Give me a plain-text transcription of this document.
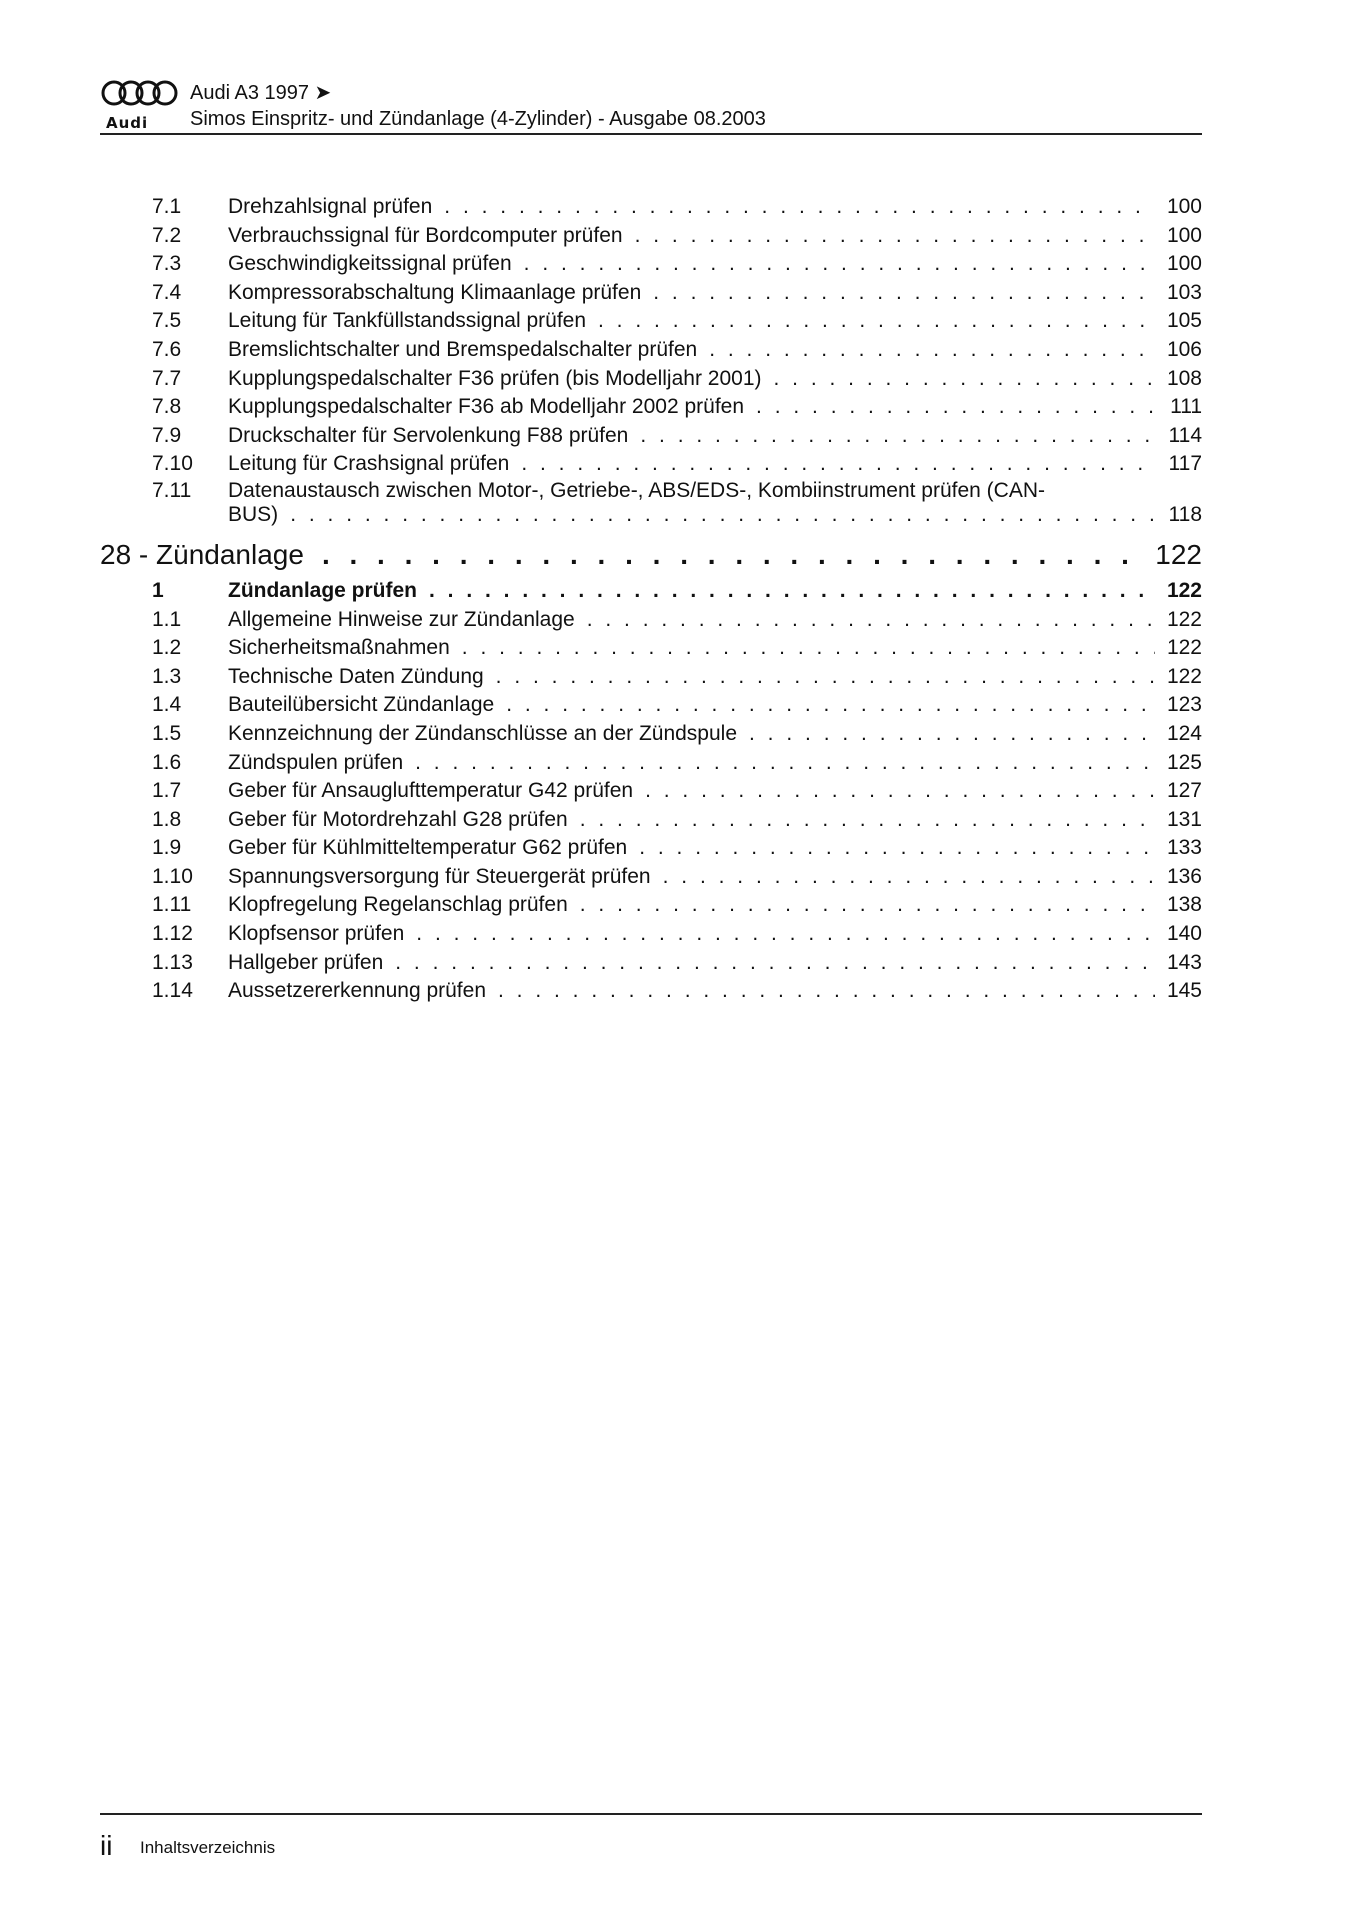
Audi
Audi A3 1997 ➤
Simos Einspritz- und Zündanlage (4-Zylinder) - Ausgabe 08.2003
7.1	Drehzahlsignal prüfen . . .	100
7.2	Verbrauchssignal für Bordcomputer prüfen . . .	100
7.3	Geschwindigkeitssignal prüfen . . .	100
7.4	Kompressorabschaltung Klimaanlage prüfen . . .	103
7.5	Leitung für Tankfüllstandssignal prüfen . . .	105
7.6	Bremslichtschalter und Bremspedalschalter prüfen . . .	106
7.7	Kupplungspedalschalter F36 prüfen (bis Modelljahr 2001) . . .	108
7.8	Kupplungspedalschalter F36 ab Modelljahr 2002 prüfen . . .	111
7.9	Druckschalter für Servolenkung F88 prüfen . . .	114
7.10	Leitung für Crashsignal prüfen . . .	117
7.11	Datenaustausch zwischen Motor-, Getriebe-, ABS/EDS-, Kombiinstrument prüfen (CAN-
BUS) . . .	118
28 - Zündanlage . . .	122
1	Zündanlage prüfen . . .	122
1.1	Allgemeine Hinweise zur Zündanlage . . .	122
1.2	Sicherheitsmaßnahmen . . .	122
1.3	Technische Daten Zündung . . .	122
1.4	Bauteilübersicht Zündanlage . . .	123
1.5	Kennzeichnung der Zündanschlüsse an der Zündspule . . .	124
1.6	Zündspulen prüfen . . .	125
1.7	Geber für Ansauglufttemperatur G42 prüfen . . .	127
1.8	Geber für Motordrehzahl G28 prüfen . . .	131
1.9	Geber für Kühlmitteltemperatur G62 prüfen . . .	133
1.10	Spannungsversorgung für Steuergerät prüfen . . .	136
1.11	Klopfregelung Regelanschlag prüfen . . .	138
1.12	Klopfsensor prüfen . . .	140
1.13	Hallgeber prüfen . . .	143
1.14	Aussetzererkennung prüfen . . .	145
ii Inhaltsverzeichnis
